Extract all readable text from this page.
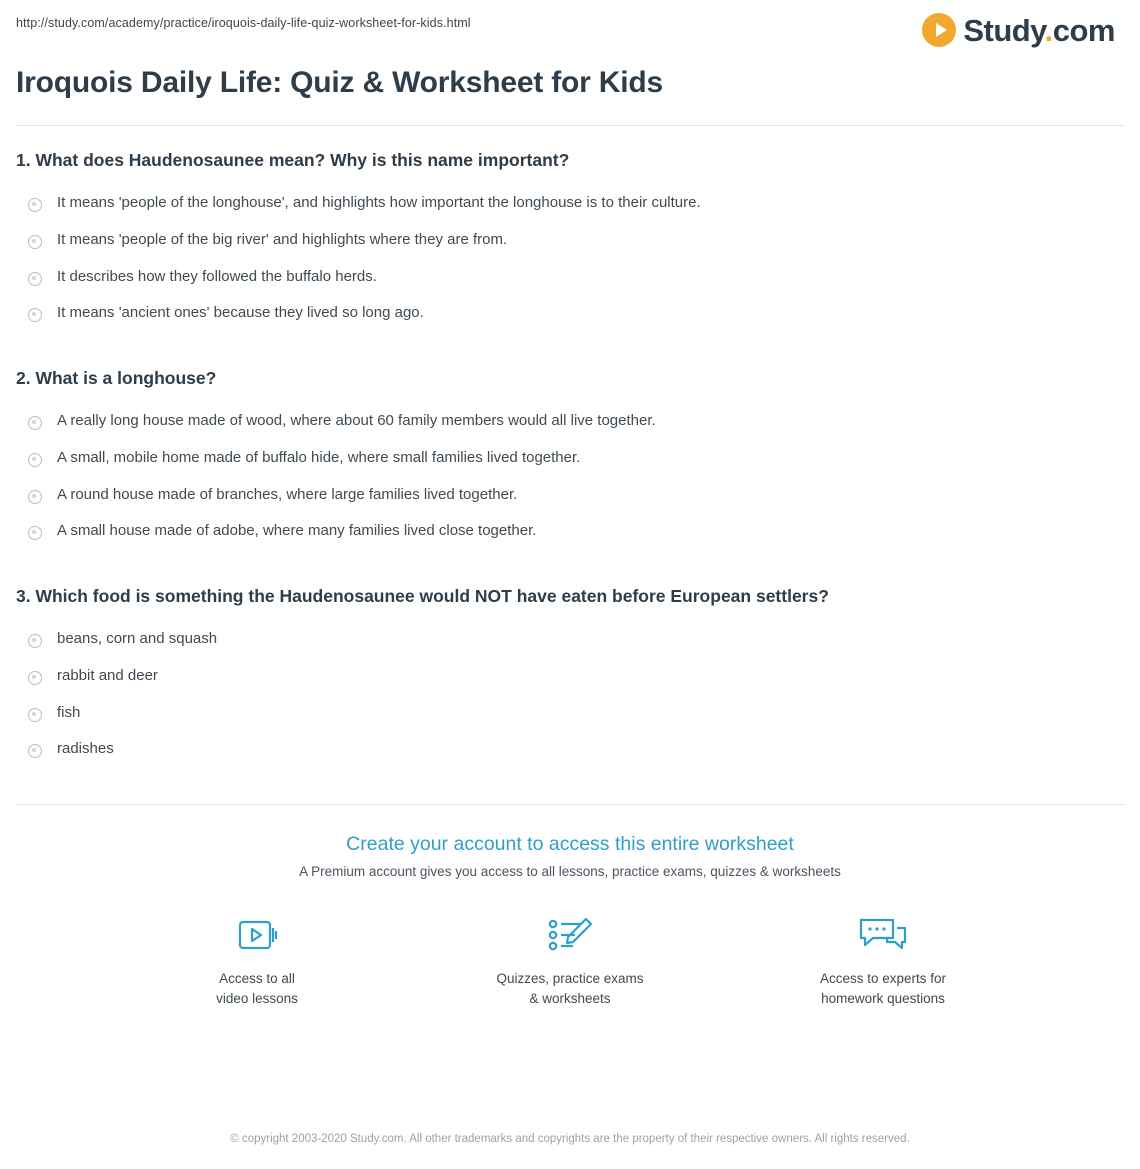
http://study.com/academy/practice/iroquois-daily-life-quiz-worksheet-for-kids.html	Study.com
Iroquois Daily Life: Quiz & Worksheet for Kids

1. What does Haudenosaunee mean? Why is this name important?

It means 'people of the longhouse', and highlights how important the longhouse is to their culture.
It means 'people of the big river' and highlights where they are from.
It describes how they followed the buffalo herds.
It means 'ancient ones' because they lived so long ago.

2. What is a longhouse?

A really long house made of wood, where about 60 family members would all live together.
A small, mobile home made of buffalo hide, where small families lived together.
A round house made of branches, where large families lived together.
A small house made of adobe, where many families lived close together.

3. Which food is something the Haudenosaunee would NOT have eaten before European settlers?

beans, corn and squash
rabbit and deer
fish
radishes

Create your account to access this entire worksheet

A Premium account gives you access to all lessons, practice exams, quizzes & worksheets

Access to all
video lessons
Quizzes, practice exams
& worksheets
Access to experts for
homework questions
© copyright 2003-2020 Study.com. All other trademarks and copyrights are the property of their respective owners. All rights reserved.
